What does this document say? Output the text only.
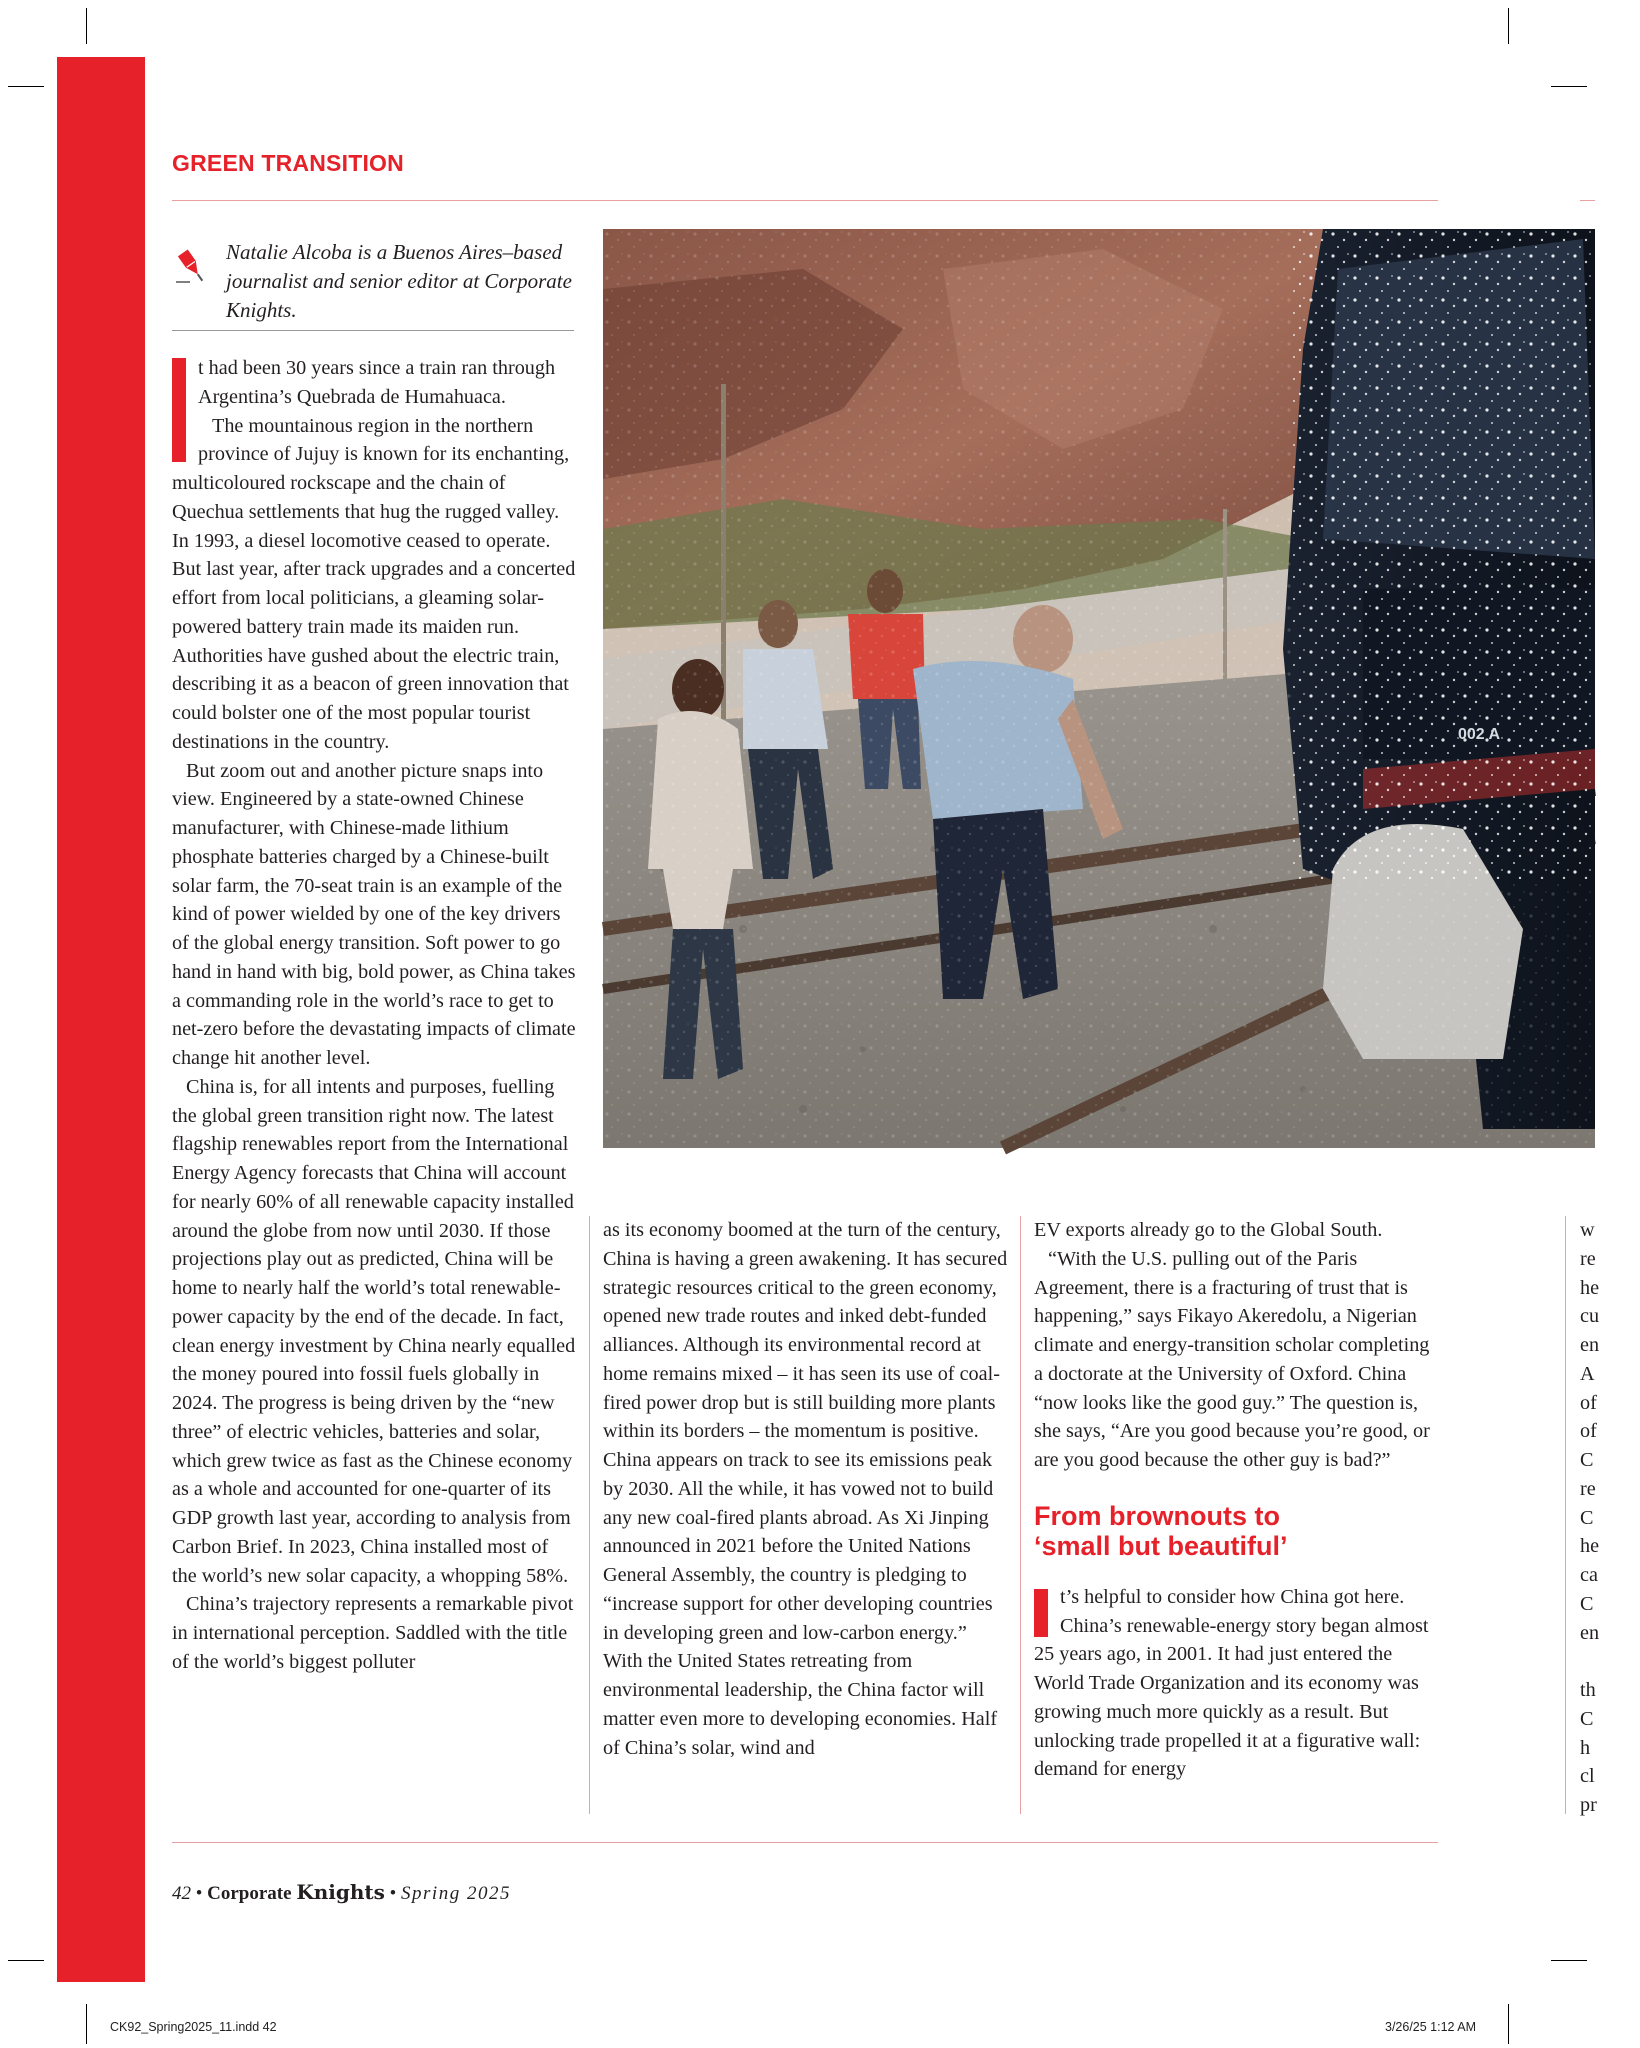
GREEN TRANSITION
Natalie Alcoba is a Buenos Aires–based journalist and senior editor at Corporate Knights.

t had been 30 years since a train ran through Argentina’s Quebrada de Humahuaca.

The mountainous region in the northern province of Jujuy is known for its enchanting, multicoloured rockscape and the chain of Quechua settlements that hug the rugged valley. In 1993, a diesel locomotive ceased to operate. But last year, after track upgrades and a concerted effort from local politicians, a gleaming solar-powered battery train made its maiden run. Authorities have gushed about the electric train, describing it as a beacon of green innovation that could bolster one of the most popular tourist destinations in the country.

But zoom out and another picture snaps into view. Engineered by a state-owned Chinese manufacturer, with Chinese-made lithium phosphate batteries charged by a Chinese-built solar farm, the 70-seat train is an example of the kind of power wielded by one of the key drivers of the global energy transition. Soft power to go hand in hand with big, bold power, as China takes a commanding role in the world’s race to get to net-zero before the devastating impacts of climate change hit another level.

China is, for all intents and purposes, fuelling the global green transition right now. The latest flagship renewables report from the International Energy Agency forecasts that China will account for nearly 60% of all renewable capacity installed around the globe from now until 2030. If those projections play out as predicted, China will be home to nearly half the world’s total renewable-power capacity by the end of the decade. In fact, clean energy investment by China nearly equalled the money poured into fossil fuels globally in 2024. The progress is being driven by the “new three” of electric vehicles, batteries and solar, which grew twice as fast as the Chinese economy as a whole and accounted for one-quarter of its GDP growth last year, according to analysis from Carbon Brief. In 2023, China installed most of the world’s new solar capacity, a whopping 58%.

China’s trajectory represents a remarkable pivot in international perception. Saddled with the title of the world’s biggest polluter

002 A

as its economy boomed at the turn of the century, China is having a green awakening. It has secured strategic resources critical to the green economy, opened new trade routes and inked debt-funded alliances. Although its environmental record at home remains mixed – it has seen its use of coal-fired power drop but is still building more plants within its borders – the momentum is positive. China appears on track to see its emissions peak by 2030. All the while, it has vowed not to build any new coal-fired plants abroad. As Xi Jinping announced in 2021 before the United Nations General Assembly, the country is pledging to “increase support for other developing countries in developing green and low-carbon energy.” With the United States retreating from environmental leadership, the China factor will matter even more to developing economies. Half of China’s solar, wind and

EV exports already go to the Global South.

“With the U.S. pulling out of the Paris Agreement, there is a fracturing of trust that is happening,” says Fikayo Akeredolu, a Nigerian climate and energy-transition scholar completing a doctorate at the University of Oxford. China “now looks like the good guy.” The question is, she says, “Are you good because you’re good, or are you good because the other guy is bad?”

From brownouts to
‘small but beautiful’

t’s helpful to consider how China got here. China’s renewable-energy story began almost 25 years ago, in 2001. It had just entered the World Trade Organization and its economy was growing much more quickly as a result. But unlocking trade propelled it at a figurative wall: demand for energy

w
re
he
cu
en
A
of
of
C
re
C
he
ca
C
en
th
C
h
cl
pr
42 • Corporate Knights • Spring 2025
CK92_Spring2025_11.indd 42	3/26/25 1:12 AM
